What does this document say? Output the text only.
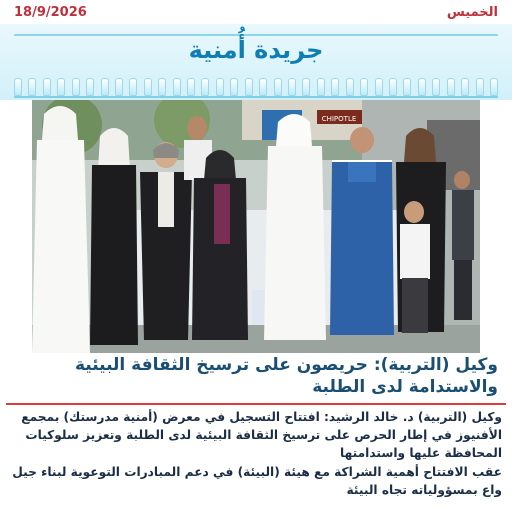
18/9/2026	الخميس
جريدة أُمنية
CHIPOTLE
وكيل (التربية): حريصون على ترسيخ الثقافة البيئية والاستدامة لدى الطلبة

وكيل (التربية) د. خالد الرشيد: افتتاح التسجيل في معرض (أمنية مدرستك) بمجمع الأفنيوز في إطار الحرص على ترسيخ الثقافة البيئية لدى الطلبة وتعزيز سلوكيات المحافظة عليها واستدامتها

عقب الافتتاح أهمية الشراكة مع هيئة (البيئة) في دعم المبادرات التوعوية لبناء جيل واع بمسؤولياته تجاه البيئة
